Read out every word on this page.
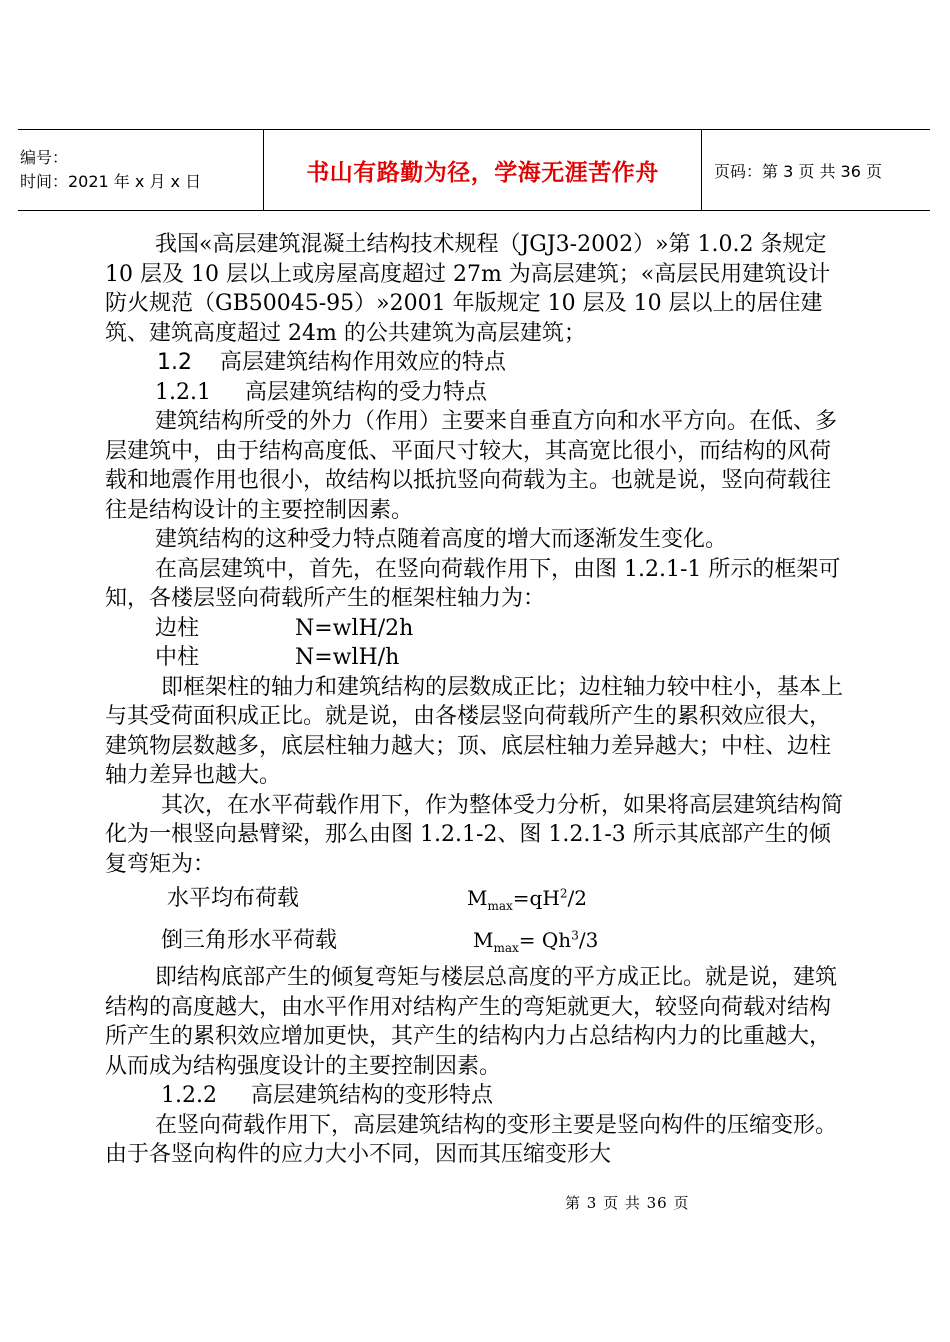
编号：
时间：2021 年 x 月 x 日	书山有路勤为径，学海无涯苦作舟	页码：第 3 页 共 36 页

我国«高层建筑混凝土结构技术规程（JGJ3-2002）»第 1.0.2 条规定 10 层及 10 层以上或房屋高度超过 27m 为高层建筑；«高层民用建筑设计防火规范（GB50045-95）»2001 年版规定 10 层及 10 层以上的居住建筑、建筑高度超过 24m 的公共建筑为高层建筑；

1.2 高层建筑结构作用效应的特点

1.2.1 高层建筑结构的受力特点

建筑结构所受的外力（作用）主要来自垂直方向和水平方向。在低、多层建筑中，由于结构高度低、平面尺寸较大，其高宽比很小，而结构的风荷载和地震作用也很小，故结构以抵抗竖向荷载为主。也就是说，竖向荷载往往是结构设计的主要控制因素。

建筑结构的这种受力特点随着高度的增大而逐渐发生变化。

在高层建筑中，首先，在竖向荷载作用下，由图 1.2.1-1 所示的框架可知，各楼层竖向荷载所产生的框架柱轴力为：

边柱	N=wlH/2h

中柱	N=wlH/h

即框架柱的轴力和建筑结构的层数成正比；边柱轴力较中柱小，基本上与其受荷面积成正比。就是说，由各楼层竖向荷载所产生的累积效应很大，建筑物层数越多，底层柱轴力越大；顶、底层柱轴力差异越大；中柱、边柱轴力差异也越大。

其次，在水平荷载作用下，作为整体受力分析，如果将高层建筑结构简化为一根竖向悬臂梁，那么由图 1.2.1-2、图 1.2.1-3 所示其底部产生的倾复弯矩为：

水平均布荷载	$M_{max}=qH^2/2$

倒三角形水平荷载	$M_{max}= Qh^3/3$

即结构底部产生的倾复弯矩与楼层总高度的平方成正比。就是说，建筑结构的高度越大，由水平作用对结构产生的弯矩就更大，较竖向荷载对结构所产生的累积效应增加更快，其产生的结构内力占总结构内力的比重越大，从而成为结构强度设计的主要控制因素。

1.2.2 高层建筑结构的变形特点

在竖向荷载作用下，高层建筑结构的变形主要是竖向构件的压缩变形。由于各竖向构件的应力大小不同，因而其压缩变形大

第 3 页 共 36 页
